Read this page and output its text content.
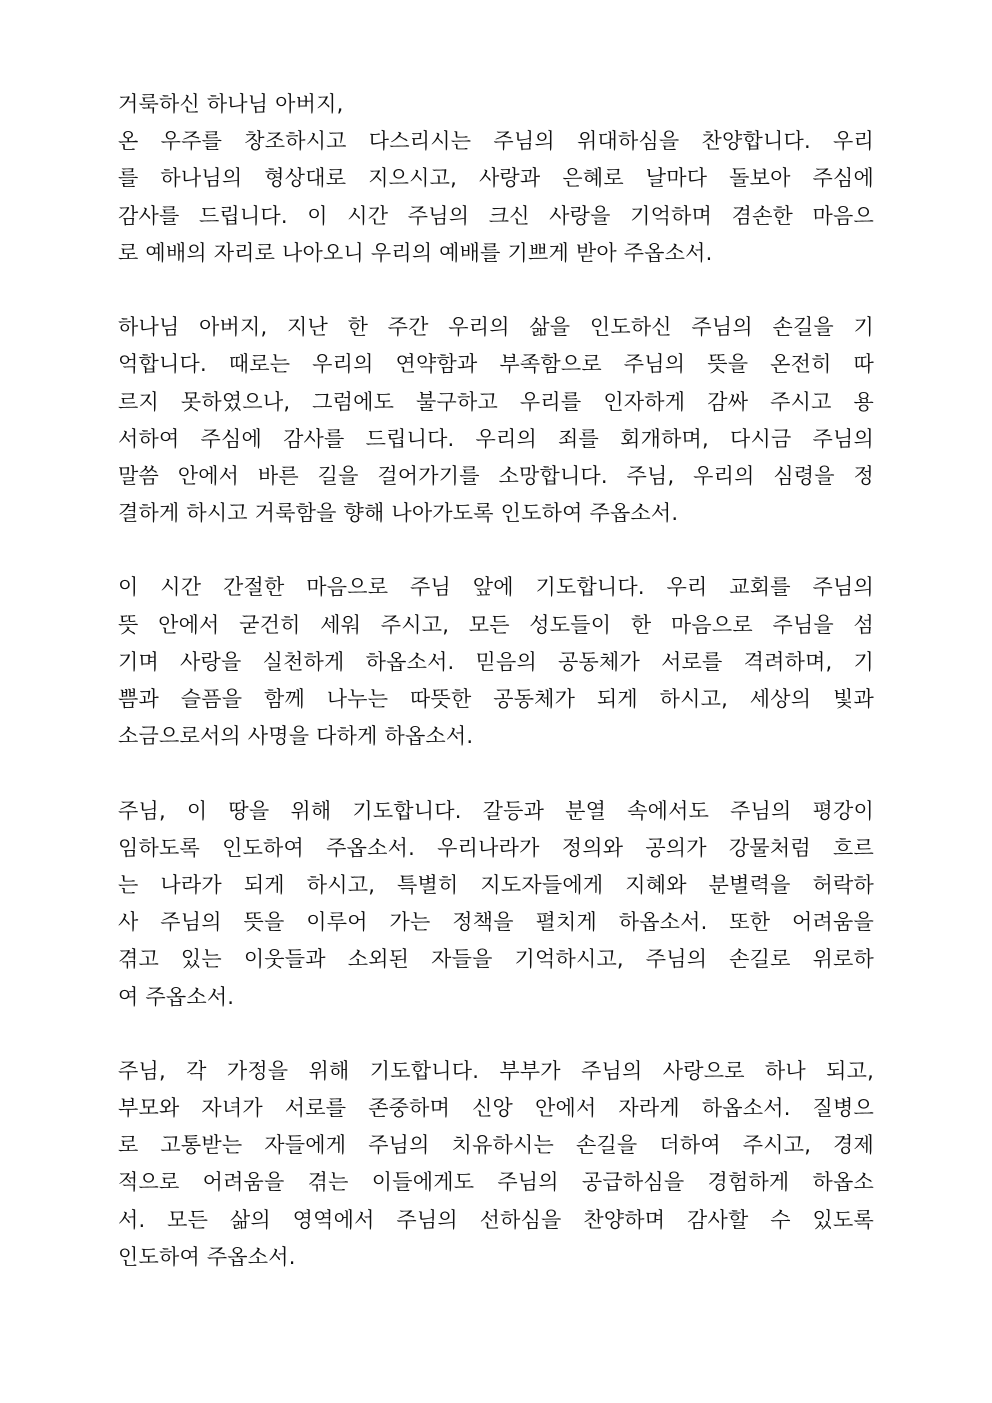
거룩하신 하나님 아버지,
온 우주를 창조하시고 다스리시는 주님의 위대하심을 찬양합니다. 우리
를 하나님의 형상대로 지으시고, 사랑과 은혜로 날마다 돌보아 주심에
감사를 드립니다. 이 시간 주님의 크신 사랑을 기억하며 겸손한 마음으
로 예배의 자리로 나아오니 우리의 예배를 기쁘게 받아 주옵소서.
하나님 아버지, 지난 한 주간 우리의 삶을 인도하신 주님의 손길을 기
억합니다. 때로는 우리의 연약함과 부족함으로 주님의 뜻을 온전히 따
르지 못하였으나, 그럼에도 불구하고 우리를 인자하게 감싸 주시고 용
서하여 주심에 감사를 드립니다. 우리의 죄를 회개하며, 다시금 주님의
말씀 안에서 바른 길을 걸어가기를 소망합니다. 주님, 우리의 심령을 정
결하게 하시고 거룩함을 향해 나아가도록 인도하여 주옵소서.
이 시간 간절한 마음으로 주님 앞에 기도합니다. 우리 교회를 주님의
뜻 안에서 굳건히 세워 주시고, 모든 성도들이 한 마음으로 주님을 섬
기며 사랑을 실천하게 하옵소서. 믿음의 공동체가 서로를 격려하며, 기
쁨과 슬픔을 함께 나누는 따뜻한 공동체가 되게 하시고, 세상의 빛과
소금으로서의 사명을 다하게 하옵소서.
주님, 이 땅을 위해 기도합니다. 갈등과 분열 속에서도 주님의 평강이
임하도록 인도하여 주옵소서. 우리나라가 정의와 공의가 강물처럼 흐르
는 나라가 되게 하시고, 특별히 지도자들에게 지혜와 분별력을 허락하
사 주님의 뜻을 이루어 가는 정책을 펼치게 하옵소서. 또한 어려움을
겪고 있는 이웃들과 소외된 자들을 기억하시고, 주님의 손길로 위로하
여 주옵소서.
주님, 각 가정을 위해 기도합니다. 부부가 주님의 사랑으로 하나 되고,
부모와 자녀가 서로를 존중하며 신앙 안에서 자라게 하옵소서. 질병으
로 고통받는 자들에게 주님의 치유하시는 손길을 더하여 주시고, 경제
적으로 어려움을 겪는 이들에게도 주님의 공급하심을 경험하게 하옵소
서. 모든 삶의 영역에서 주님의 선하심을 찬양하며 감사할 수 있도록
인도하여 주옵소서.
